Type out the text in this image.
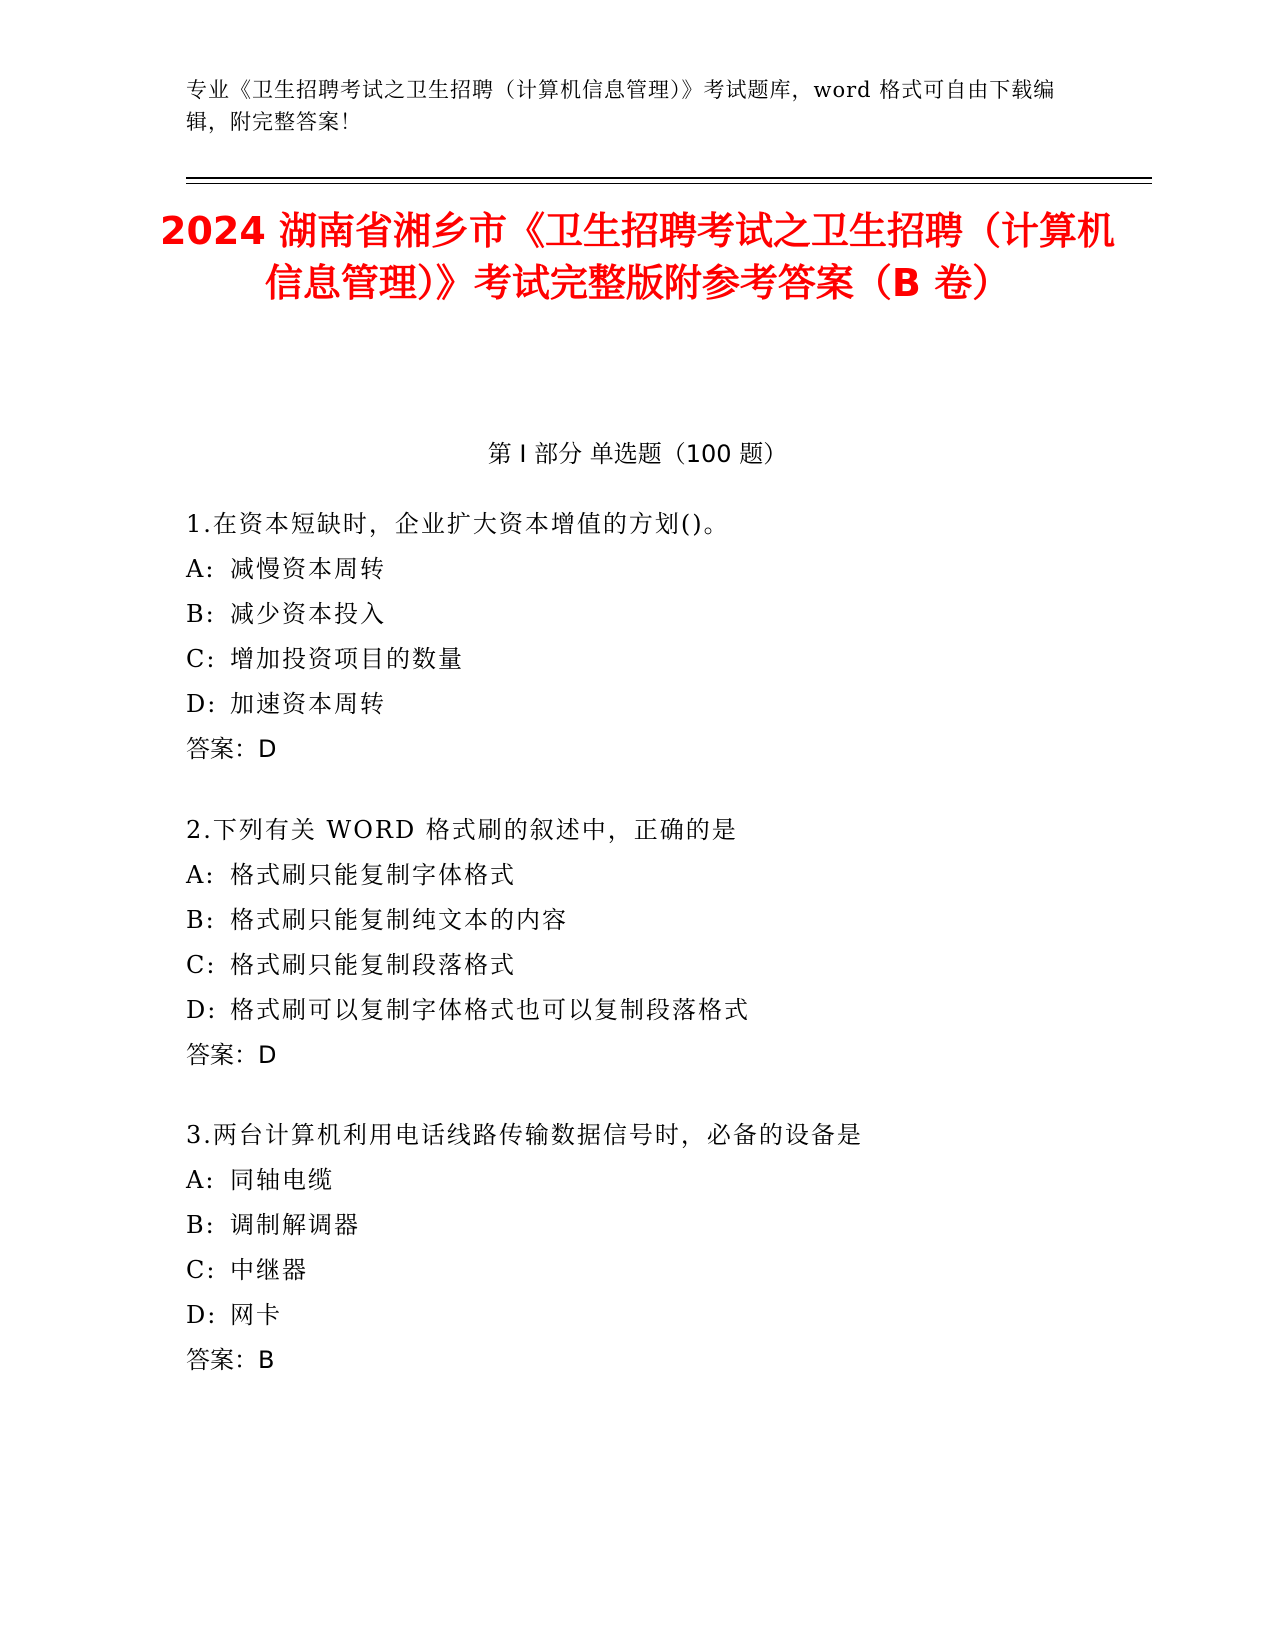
专业《卫生招聘考试之卫生招聘（计算机信息管理）》考试题库，word 格式可自由下载编辑，附完整答案！
2024 湖南省湘乡市《卫生招聘考试之卫生招聘（计算机信息管理）》考试完整版附参考答案（B 卷）
第 I 部分 单选题（100 题）
1.在资本短缺时，企业扩大资本增值的方划()。
A: 减慢资本周转
B: 减少资本投入
C: 增加投资项目的数量
D: 加速资本周转
答案：D
2.下列有关 WORD 格式刷的叙述中，正确的是
A: 格式刷只能复制字体格式
B: 格式刷只能复制纯文本的内容
C: 格式刷只能复制段落格式
D: 格式刷可以复制字体格式也可以复制段落格式
答案：D
3.两台计算机利用电话线路传输数据信号时，必备的设备是
A: 同轴电缆
B: 调制解调器
C: 中继器
D: 网卡
答案：B
